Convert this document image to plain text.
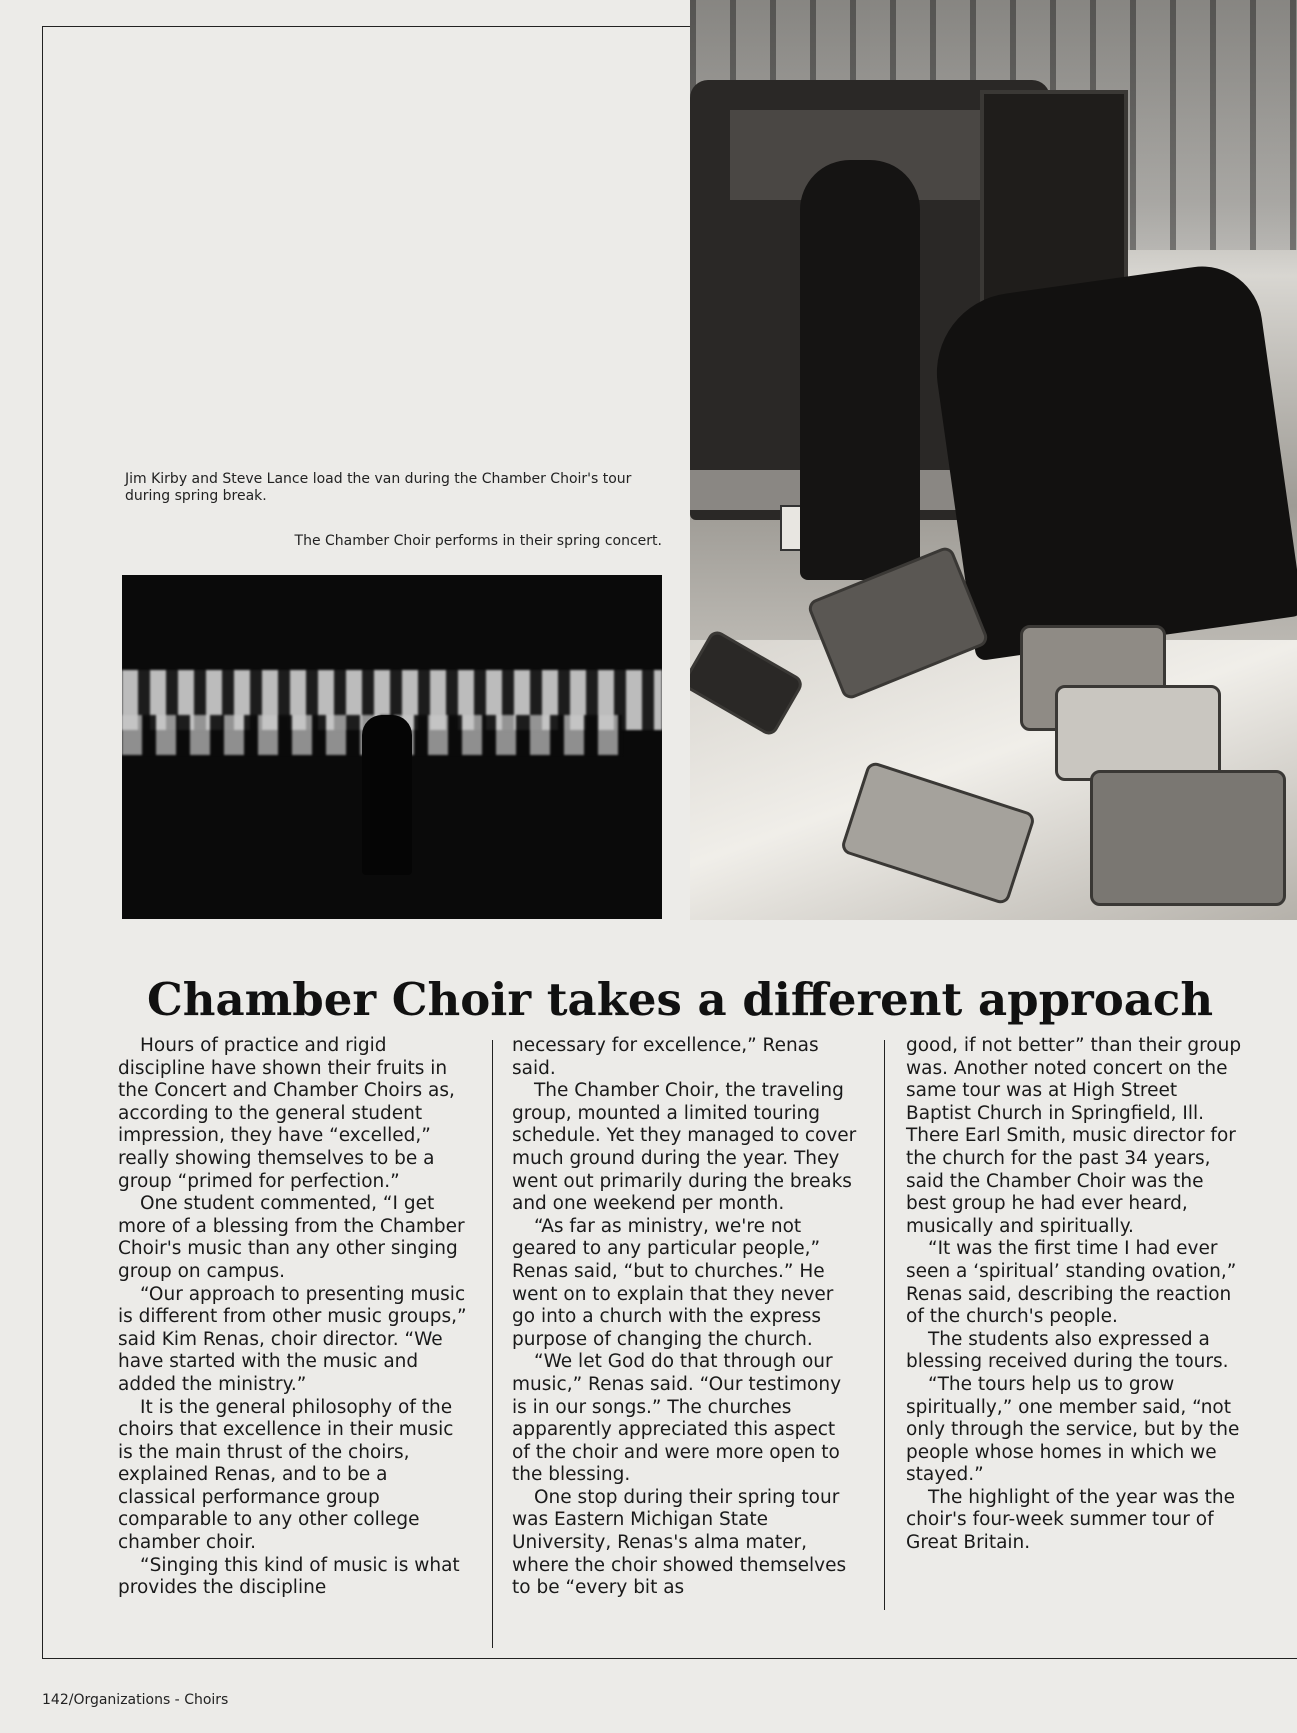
Jim Kirby and Steve Lance load the van during the Chamber Choir's tour during spring break.
The Chamber Choir performs in their spring concert.
Chamber Choir takes a different approach

Hours of practice and rigid discipline have shown their fruits in the Concert and Chamber Choirs as, according to the general student impression, they have “excelled,” really showing themselves to be a group “primed for perfection.”

One student commented, “I get more of a blessing from the Chamber Choir's music than any other singing group on campus.

“Our approach to presenting music is different from other music groups,” said Kim Renas, choir director. “We have started with the music and added the ministry.”

It is the general philosophy of the choirs that excellence in their music is the main thrust of the choirs, explained Renas, and to be a classical performance group comparable to any other college chamber choir.

“Singing this kind of music is what provides the discipline

necessary for excellence,” Renas said.

The Chamber Choir, the traveling group, mounted a limited touring schedule. Yet they managed to cover much ground during the year. They went out primarily during the breaks and one weekend per month.

“As far as ministry, we're not geared to any particular people,” Renas said, “but to churches.” He went on to explain that they never go into a church with the express purpose of changing the church.

“We let God do that through our music,” Renas said. “Our testimony is in our songs.” The churches apparently appreciated this aspect of the choir and were more open to the blessing.

One stop during their spring tour was Eastern Michigan State University, Renas's alma mater, where the choir showed themselves to be “every bit as

good, if not better” than their group was. Another noted concert on the same tour was at High Street Baptist Church in Springfield, Ill. There Earl Smith, music director for the church for the past 34 years, said the Chamber Choir was the best group he had ever heard, musically and spiritually.

“It was the first time I had ever seen a ‘spiritual’ standing ovation,” Renas said, describing the reaction of the church's people.

The students also expressed a blessing received during the tours.

“The tours help us to grow spiritually,” one member said, “not only through the service, but by the people whose homes in which we stayed.”

The highlight of the year was the choir's four-week summer tour of Great Britain.

142/Organizations - Choirs
